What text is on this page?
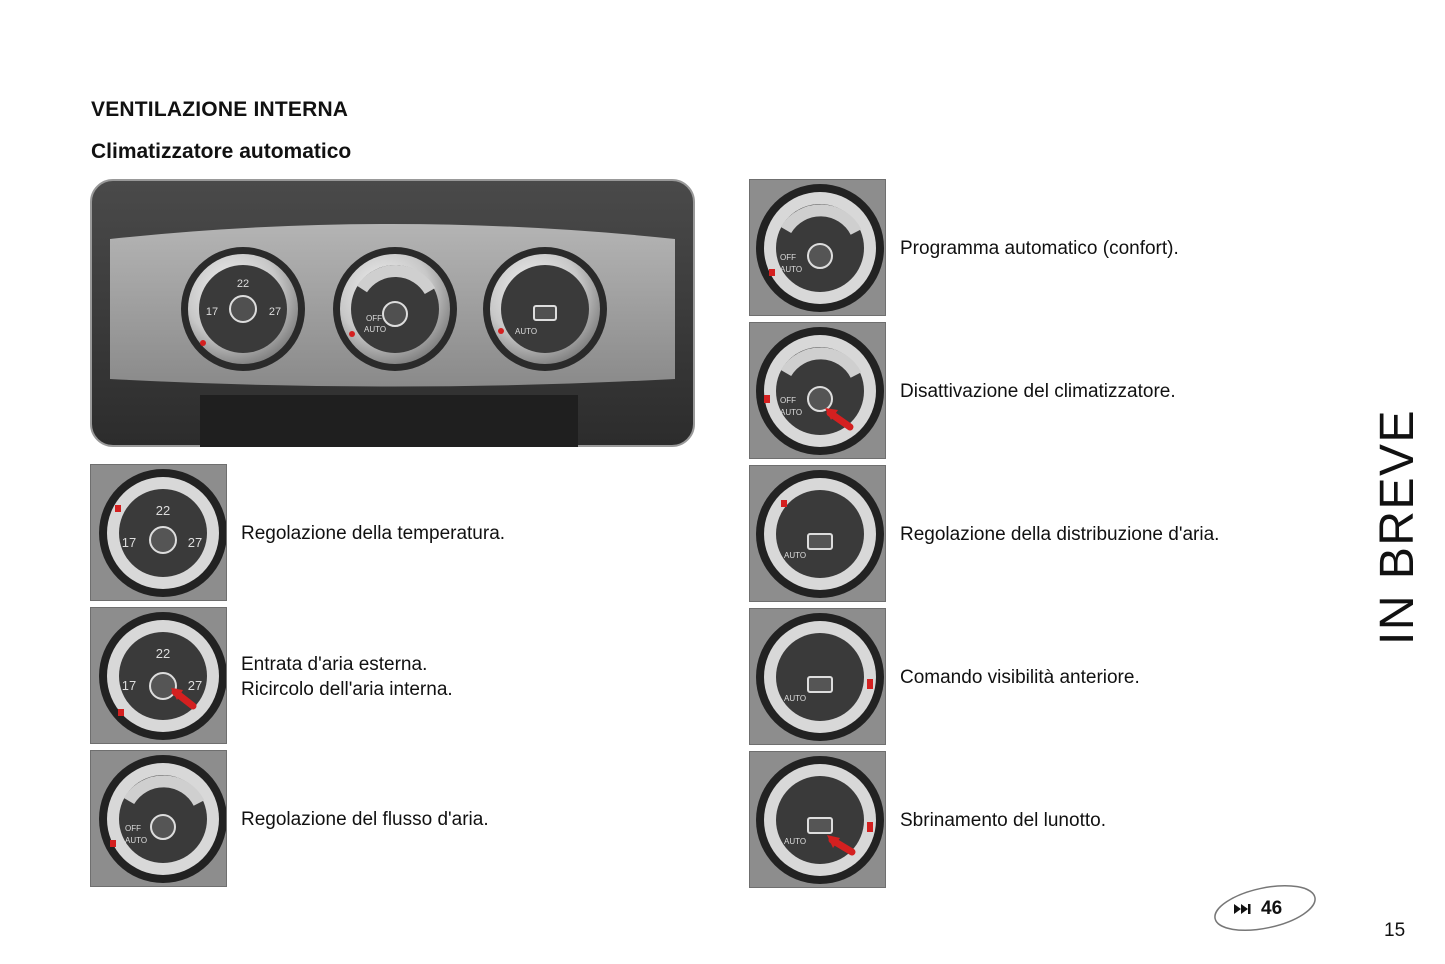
VENTILAZIONE INTERNA
Climatizzatore automatico
22
17	27
OFF
AUTO	AUTO
22
17	27 Regolazione della temperatura.
22
17	27
Entrata d'aria esterna.
Ricircolo dell'aria interna.
OFF
AUTO
Regolazione del flusso d'aria.
OFF
AUTO
Programma automatico (confort).
OFF
AUTO
Disattivazione del climatizzatore.
AUTO
Regolazione della distribuzione d'aria.
AUTO
Comando visibilità anteriore.
AUTO
Sbrinamento del lunotto.
IN BREVE
46
15
